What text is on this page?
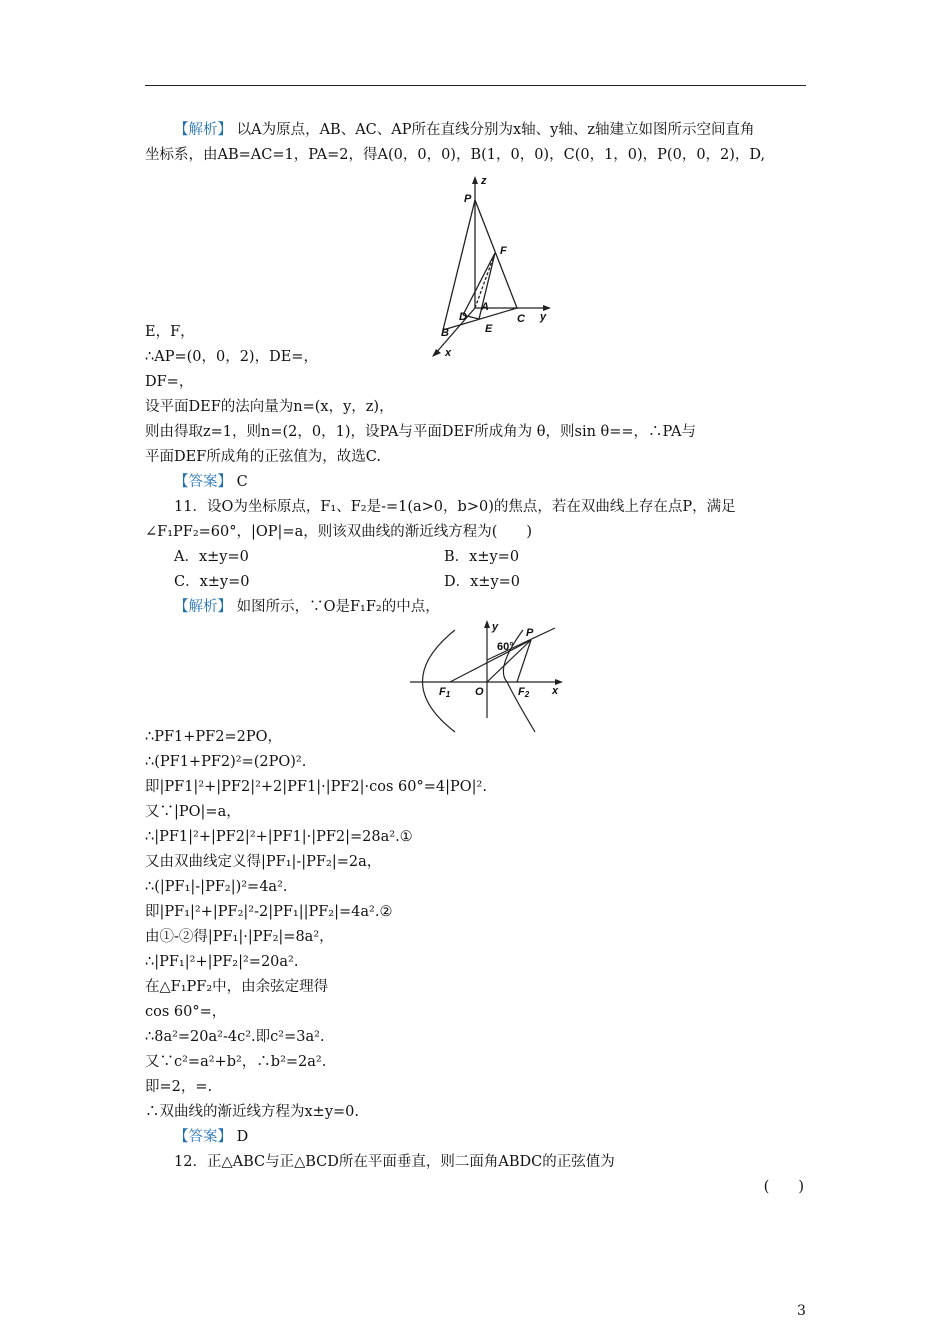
【解析】 以A为原点，AB、AC、AP所在直线分别为x轴、y轴、z轴建立如图所示空间直角
坐标系，由AB=AC=1，PA=2，得A(0，0，0)，B(1，0，0)，C(0，1，0)，P(0，0，2)，D,
P
z
F
A
D	C y
B	E
x
E，F，
∴AP=(0，0，2)，DE=，
DF=，
设平面DEF的法向量为n=(x，y，z)，
则由得取z=1，则n=(2，0，1)，设PA与平面DEF所成角为 θ，则sin θ==，∴PA与
平面DEF所成角的正弦值为，故选C.
【答案】 C
11．设O为坐标原点，F₁、F₂是-=1(a>0，b>0)的焦点，若在双曲线上存在点P，满足
∠F₁PF₂=60°，|OP|=a，则该双曲线的渐近线方程为(　　)
A．x±y=0	B．x±y=0
C．x±y=0	D．x±y=0
【解析】 如图所示，∵O是F₁F₂的中点，
y	P
60°
F1 O	F2 x
∴PF1+PF2=2PO，
∴(PF1+PF2)²=(2PO)².
即|PF1|²+|PF2|²+2|PF1|·|PF2|·cos 60°=4|PO|².
又∵|PO|=a，
∴|PF1|²+|PF2|²+|PF1|·|PF2|=28a².①
又由双曲线定义得|PF₁|-|PF₂|=2a，
∴(|PF₁|-|PF₂|)²=4a².
即|PF₁|²+|PF₂|²-2|PF₁||PF₂|=4a².②
由①-②得|PF₁|·|PF₂|=8a²，
∴|PF₁|²+|PF₂|²=20a².
在△F₁PF₂中，由余弦定理得
cos 60°=，
∴8a²=20a²-4c².即c²=3a².
又∵c²=a²+b²，∴b²=2a².
即=2，=.
∴双曲线的渐近线方程为x±y=0.
【答案】 D
12．正△ABC与正△BCD所在平面垂直，则二面角ABDC的正弦值为
(　　)
3
